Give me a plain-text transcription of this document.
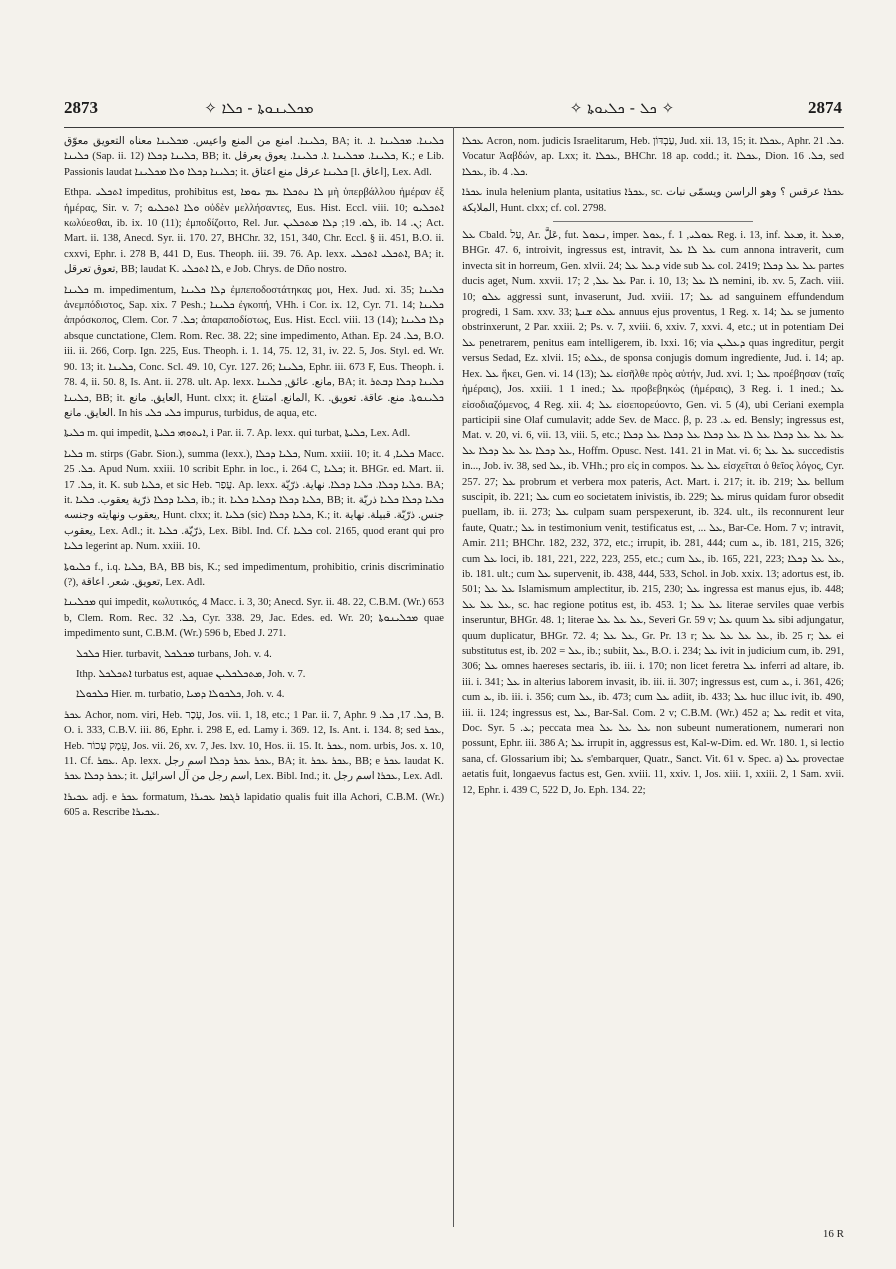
2873	ܡܟܠܝܢܘܬܐ - ܟܠܐ ✧	✧ ܟܠ - ܟܠܝܘܬܐ ✧	2874

ܟܠܝܢܐ. امنع من المنع واعيس. ܡܟܠܝܢܐ معناه التعويق معوّق, BA; it. ܟܠܝܢܐ. ܡܟܠܝܢܐ .ܐ. ܟܠܝܢܐ (Sap. ii. 12) ܟܠܝܢܐ ܕܟܠܐ, BB; it. ܟܠܝܢܐ. ܡܟܠܝܢܐ .ܐ. ܟܠܝܢܐ. يعوق يعرقل, K.; e Lib. Passionis laudat ܟܠܝܢܐ ܕܟܠܐ ܘܠܐ ܡܟܠܝܢܐ; it. ܟܠܝܢܐ عرقل منع اعتاق [l. اعاق], Lex. Adl.

Ethpa. ܐܬܟܠܝ impeditus, prohibitus est, ܠܐ ܢܬܟܠܐ ܥܡ ܝܘܡܐ μὴ ὑπερβάλλου ἡμέραν ἐξ ἡμέρας, Sir. v. 7; ܘܠܐ ܐܬܟܠܝܘ οὐδὲν μελλήσαντες, Eus. Hist. Eccl. viii. 10; ܐܬܟܠܝܘ κωλύεσθαι, ib. ix. 10 (11); ἐμποδίζοιτο, Rel. Jur. ܠܘ. 19; ܕܠܐ ܡܬܟܠܝܢ, ib. ܢ. 14; Act. Mart. ii. 138, Anecd. Syr. ii. 170. 27, BHChr. 32, 151, 340, Chr. Eccl. § ii. 451, B.O. ii. cxxvi, Ephr. i. 278 B, 441 D, Eus. Theoph. iii. 39. 76. Ap. lexx. ܐܬܟܠܝ ܐܬܟܠܝ, BA; it. تعوق تعرقل, BB; laudat K. ܠܐ ܐܬܟܠܝ, e Job. Chrys. de Dño nostro.

ܟܠܝܢܐ m. impedimentum, ܕܠܐ ܟܠܝܢܐ ἐμπεποδοστάτηκας μοι, Hex. Jud. xi. 35; ܟܠܝܢܐ ἀνεμπόδιστος, Sap. xix. 7 Pesh.; ܟܠܝܢܐ ἐγκοπή, VHh. i Cor. ix. 12, Cyr. 71. 14; ܟܠܝܢܐ ἀπρόσκοπος, Clem. Cor. ܟܠ. 7; ἀπαραποδίστως, Eus. Hist. Eccl. viii. 13 (14); ܕܠܐ ܟܠܝܢܐ absque cunctatione, Clem. Rom. Rec. 38. 22; sine impedimento, Athan. Ep. ܟܠ. 24, B.O. iii. ii. 266, Corp. Ign. 225, Eus. Theoph. i. 1. 14, 75. 12, 31, iv. 22. 5, Jos. Styl. ed. Wr. 90. 13; it. ܟܠܝܢܐ, Conc. Scl. 49. 10, Cyr. 127. 26; ܟܠܝܢܐ, Ephr. iii. 673 F, Eus. Theoph. i. 78. 4, ii. 50. 8, Is. Ant. ii. 278. ult. Ap. lexx. مانع. عائق, ܟܠܝܢܐ, BA; it. ܟܠܝܢܐ ܕܟܠܐ ܕܒܬܪ ܟܠܝܢܐ, BB; it. العايق. مانع, Hunt. clxx; it. المانع. امتناع, K. ܟܠܝܢܘܬܐ. منع. عاقة. تعويق. العايق. مانع. In his ܟܠܝ ܟܠܝ impurus, turbidus, de aqua, etc.

ܟܠܝܬܐ m. qui impedit, ܐܝܬܘܗܝ ܟܠܝܬܐ, i Par. ii. 7. Ap. lexx. qui turbat, ܟܠܝܬܐ, Lex. Adl.

ܟܠܝܐ m. stirps (Gabr. Sion.), summa (lexx.), ܟܠܝܐ ܕܟܠܐ, Num. xxiii. 10; it. ܟܠܝܐ, 4 Macc. ܟܠ. 25. Apud Num. xxiii. 10 scribit Ephr. in loc., i. 264 C, ܟܠܝܐ; it. BHGr. ed. Mart. ii. ܟܠ. 17, it. K. sub ܟܠܝܐ, et sic Heb. עֲפַר. Ap. lexx. ܟܠܝܐ ܕܟܠܐ. ܟܠܝܐ ܕܟܠܐ. نهاية. ذرّيّة. BA; it. ܟܠܝܐ ܕܟܠܐ ذرّية يعقوب. ܟܠܝܐ, ib.; it. ܟܠܝܐ ܕܟܠܐ ܕܟܠܝܐ ܟܠܝܐ, BB; it. ܟܠܝܐ ܕܟܠܐ ܟܠܝܐ ذريّة يعقوب ونهايته وجنسه, Hunt. clxx; it. ܟܠܝܐ (sic) ܟܠܝܐ ܕܟܠܐ, K.; it. جنس. ذرّيّة. قبيلة. نهاية يعقوب, Lex. Adl.; it. ذرّيّة. ܟܠܝܐ, Lex. Bibl. Ind. Cf. ܟܠܝܐ col. 2165, quod erant qui pro ܟܠܝܐ legerint ap. Num. xxiii. 10.

ܟܠܝܘܬܐ f., i.q. ܟܠܝܐ, BA, BB bis, K.; sed impedimentum, prohibitio, crinis discriminatio (?), تعويق. شعر. اعاقة, Lex. Adl.

ܡܟܠܝܢܐ qui impedit, κωλυτικός, 4 Macc. i. 3, 30; Anecd. Syr. ii. 48. 22, C.B.M. (Wr.) 653 b, Clem. Rom. Rec. ܟܠ. 32, Cyr. 338. 29, Jac. Edes. ed. Wr. 20; ܡܟܠܝܢܘܬܐ quae impedimento sunt, C.B.M. (Wr.) 596 b, Ebed J. 271.

ܟܠܟܠ Hier. turbavit, ܡܟܠܟܠ turbans, Joh. v. 4.

Ithp. ܐܬܟܠܟܠ turbatus est, aquae ܡܬܟܠܟܠܝܢ, Joh. v. 7.

ܟܠܟܘܠܐ Hier. m. turbatio, ܟܠܟܘܠܐ ܕܡܝܐ, Joh. v. 4.

ܥܟܪ Achor, nom. viri, Heb. עָכָר, Jos. vii. 1, 18, etc.; 1 Par. ii. 7, Aphr. ܟܠ. 17, ܟܠ. 9, B. O. i. 333, C.B.V. iii. 86, Ephr. i. 298 E, ed. Lamy i. 369. 12, Is. Ant. i. 134. 8; sed ܥܟܪ, Heb. עֵמֶק עָכוֹר, Jos. vii. 26, xv. 7, Jes. lxv. 10, Hos. ii. 15. It. ܥܟܪ, nom. urbis, Jos. x. 10, 11. Cf. ܥܩܪ. Ap. lexx. ܥܟܪ ܥܟܪ ܕܟܠܐ اسم رجل, BA; it. ܥܟܪ ܥܟܪ, BB; e ܥܟܪ laudat K. ܥܟܪ ܕܟܠܐ ܥܟܪ; it. اسم رجل من آل اسرائيل, Lex. Bibl. Ind.; it. ܥܟܪܐ اسم رجل, Lex. Adl.

ܥܟܝܪܐ adj. e ܥܟܪ formatum, ܪܓܡܐ ܥܟܝܪܐ lapidatio qualis fuit illa Achori, C.B.M. (Wr.) 605 a. Rescribe ܥܟܝܪܐ.

ܥܟܠܐ Acron, nom. judicis Israelitarum, Heb. עַבְדּוֹן, Jud. xii. 13, 15; it. ܥܟܠܐ, Aphr. ܟܠ. 21. Vocatur Ἀαβδών, ap. Lxx; it. ܥܟܠܐ, BHChr. 18 ap. codd.; it. ܥܟܠܐ, Dion. ܟܠ. 16, sed ܥܟܠܐ, ib. ܟܠ. 4.

ܥܟܪܐ inula helenium planta, usitatius ܥܟܪܐ, sc. ܥܟܪܐ عرقس ؟ وهو الراسن ويسمّى نبات الملايكة, Hunt. clxx; cf. col. 2798.

ܥܠ Cbald. עַל, Ar. عَلَّ, fut. ܢܥܘܠ, imper. ܥܘܠ, f. ܥܘܠܝ, 1 Reg. i. 13, inf. ܡܥܠ, it. ܡܥܠ, BHGr. 47. 6, introivit, ingressus est, intravit, ܥܠ ܠܐ ܥܠ cum annona intraverit, cum invecta sit in horreum, Gen. xlvii. 24; ܕܥܠ ܥܠ vide sub ܥܠ col. 2419; ܥܠ ܥܠ ܕܟܠܐ partes ducis aget, Num. xxvii. 17; ܥܠ ܥܠ, 2 Par. i. 10, 13; ܠܐ ܥܠ nemini, ib. xv. 5, Zach. viii. 10; ܥܠܘ aggressi sunt, invaserunt, Jud. xviii. 17; ܥܠ ad sanguinem effundendum progredi, 1 Sam. xxv. 33; ܥܠܬ ܫܢܬܐ annuus ejus proventus, 1 Reg. x. 14; ܥܠ se jumento obstrinxerunt, 2 Par. xxiii. 2; Ps. v. 7, xviii. 6, xxiv. 7, xxvi. 4, etc.; ut in potentiam Dei ܥܠ penetrarem, penitus eam intelligerem, ib. lxxi. 16; via ܕܥܠܝܢ quas ingreditur, pergit versus Sedad, Ez. xlvii. 15; ܥܠܬ, de sponsa conjugis domum ingrediente, Jud. i. 14; ap. Hex. ܥܠ ἥκει, Gen. vi. 14 (13); ܥܠ εἰσῆλθε πρὸς αὐτήν, Jud. xvi. 1; ܥܠ προέβησαν (ταῖς ἡμέραις), Jos. xxiii. 1 1 ined.; ܥܠ προβεβηκὼς (ἡμέραις), 3 Reg. i. 1 ined.; ܥܠ εἰσοδιαζόμενος, 4 Reg. xii. 4; ܥܠ εἰσεπορεύοντο, Gen. vi. 5 (4), ubi Ceriani exempla participii sine Olaf cumulavit; adde Sev. de Macc. β, p. ܥ. 23 ed. Bensly; ingressus est, Mat. v. 20, vi. 6, vii. 13, viii. 5, etc.; ܥܠ ܥܠ ܥܠ ܕܟܠܐ ܥܠ ܠܐ ܥܠ ܕܟܠܐ ܥܠ ܕܟܠܐ ܥܠ ܕܟܠܐ ܥܠ ܕܟܠܐ ܥܠ ܥܠ ܕܟܠܐ ܥܠ, Hoffm. Opusc. Nest. 141. 21 in Mat. vi. 6; ܥܠ ܥܠ succedistis in..., Job. iv. 38, sed ܥܠ, ib. VHh.; pro εἰς in compos. ܥܠ ܥܠ εἰσχεῖται ὁ θεῖος λόγος, Cyr. 257. 27; ܥܠ probrum et verbera mox pateris, Act. Mart. i. 217; it. ib. 219; ܥܠ bellum suscipit, ib. 221; ܥܠ cum eo societatem inivistis, ib. 229; ܥܠ mirus quidam furor obsedit puellam, ib. ii. 273; ܥܠ culpam suam perspexerunt, ib. 324. ult., ils reconnurent leur faute, Quatr.; ܥܠ in testimonium venit, testificatus est, ... ܥܠ, Bar-Ce. Hom. 7 v; intravit, Amir. 211; BHChr. 182, 232, 372, etc.; irrupit, ib. 281, 444; cum ܥ, ib. 181, 215, 326; cum ܥܠ loci, ib. 181, 221, 222, 223, 255, etc.; cum ܥܠ, ib. 165, 221, 223; ܥܠ ܥܠ ܕܟܠܐ, ib. 181. ult.; cum ܥܠ supervenit, ib. 438, 444, 533, Schol. in Job. xxix. 13; adortus est, ib. 501; ܥܠ ܥܠ Islamismum amplectitur, ib. 215, 230; ܥܠ ingressa est manus ejus, ib. 448; ܥܠ ܥܠ ܥܠ, sc. hac regione potitus est, ib. 453. 1; ܥܠ ܥܠ literae serviles quae verbis inseruntur, BHGr. 48. 1; literae ܥܠ ܥܠ ܥܠ, Severi Gr. 59 v; ܥܠ quum ܥܠ sibi adjungatur, quum duplicatur, BHGr. 72. 4; ܥܠ ܥܠ, Gr. Pr. 13 r; ܥܠ ܥܠ ܥܠ ܥܠ, ib. 25 r; ܥܠ ei substitutus est, ib. 202 = ܥܠ, ib.; subiit, ܥܠ, B.O. i. 234; ܥܠ ivit in judicium cum, ib. 291, 306; ܥܠ omnes haereses sectaris, ib. iii. i. 170; non licet feretra ܥܠ inferri ad altare, ib. iii. i. 341; ܥܠ in alterius laborem invasit, ib. iii. ii. 307; ingressus est, cum ܥ, i. 361, 426; cum ܥ, ib. iii. i. 356; cum ܥܠ, ib. 473; cum ܥܠ adiit, ib. 433; ܥܠ huc illuc ivit, ib. 490, iii. ii. 124; ingressus est, ܥܠ, Bar-Sal. Com. 2 v; C.B.M. (Wr.) 452 a; ܥܠ redit et vita, Doc. Syr. ܥ. 5; peccata mea ܥܠ ܥܠ ܥܠ non subeunt numerationem, numerari non possunt, Ephr. iii. 386 A; ܥܠ irrupit in, aggressus est, Kal-w-Dim. ed. Wr. 180. 1, si lectio sana, cf. Glossarium ibi; ܥܠ s'embarquer, Quatr., Sanct. Vit. 61 v. Spec. a) ܥܠ provectae aetatis fuit, longaevus factus est, Gen. xviii. 11, xxiv. 1, Jos. xiii. 1, xxiii. 2, 1 Sam. xvii. 12, Ephr. i. 439 C, 522 D, Jo. Eph. 134. 22;

16 R
